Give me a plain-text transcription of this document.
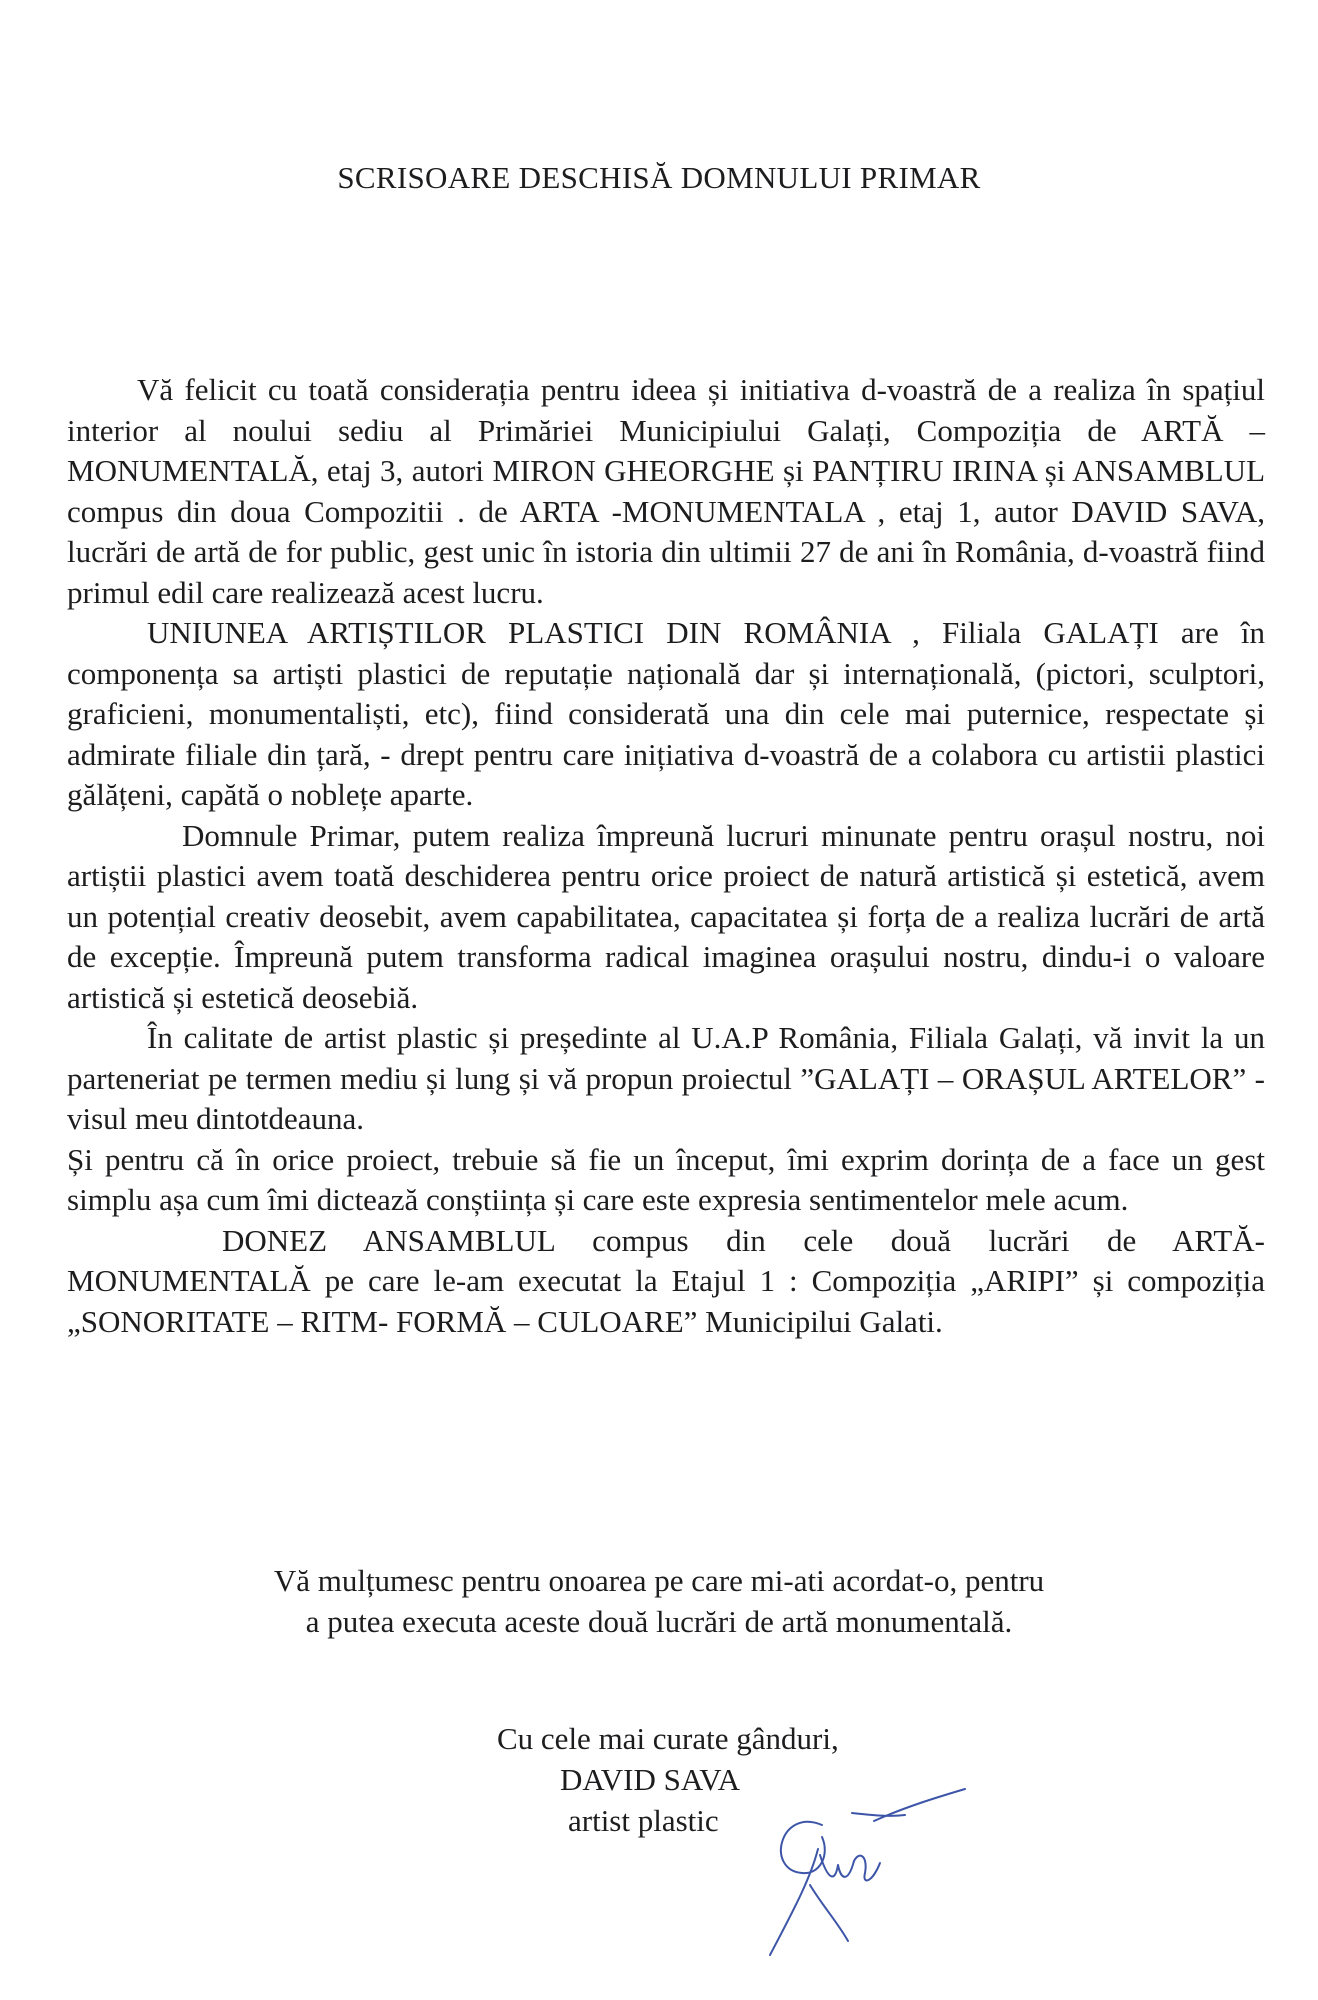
SCRISOARE DESCHISĂ DOMNULUI PRIMAR

Vă felicit cu toată considerația pentru ideea și initiativa d-voastră de a realiza în spațiul interior al noului sediu al Primăriei Municipiului Galați, Compoziția de ARTĂ – MONUMENTALĂ, etaj 3, autori MIRON GHEORGHE și PANȚIRU IRINA și ANSAMBLUL compus din doua Compozitii . de ARTA -MONUMENTALA , etaj 1, autor DAVID SAVA, lucrări de artă de for public, gest unic în istoria din ultimii 27 de ani în România, d-voastră fiind primul edil care realizează acest lucru.

UNIUNEA ARTIȘTILOR PLASTICI DIN ROMÂNIA , Filiala GALAȚI are în componența sa artiști plastici de reputație națională dar și internațională, (pictori, sculptori, graficieni, monumentaliști, etc), fiind considerată una din cele mai puternice, respectate și admirate filiale din țară, - drept pentru care inițiativa d-voastră de a colabora cu artistii plastici gălățeni, capătă o noblețe aparte.

Domnule Primar, putem realiza împreună lucruri minunate pentru orașul nostru, noi artiștii plastici avem toată deschiderea pentru orice proiect de natură artistică și estetică, avem un potențial creativ deosebit, avem capabilitatea, capacitatea și forța de a realiza lucrări de artă de excepție. Împreună putem transforma radical imaginea orașului nostru, dindu-i o valoare artistică și estetică deosebiă.

În calitate de artist plastic și președinte al U.A.P România, Filiala Galați, vă invit la un parteneriat pe termen mediu și lung și vă propun proiectul ”GALAȚI – ORAȘUL ARTELOR” -visul meu dintotdeauna.

Și pentru că în orice proiect, trebuie să fie un început, îmi exprim dorința de a face un gest simplu așa cum îmi dictează conștiința și care este expresia sentimentelor mele acum.

DONEZ ANSAMBLUL compus din cele două lucrări de ARTĂ-MONUMENTALĂ pe care le-am executat la Etajul 1 : Compoziția „ARIPI” și compoziția „SONORITATE – RITM- FORMĂ – CULOARE” Municipilui Galati.

Vă mulțumesc pentru onoarea pe care mi-ati acordat-o, pentru
a putea executa aceste două lucrări de artă monumentală.
Cu cele mai curate gânduri,
DAVID SAVA
artist plastic
